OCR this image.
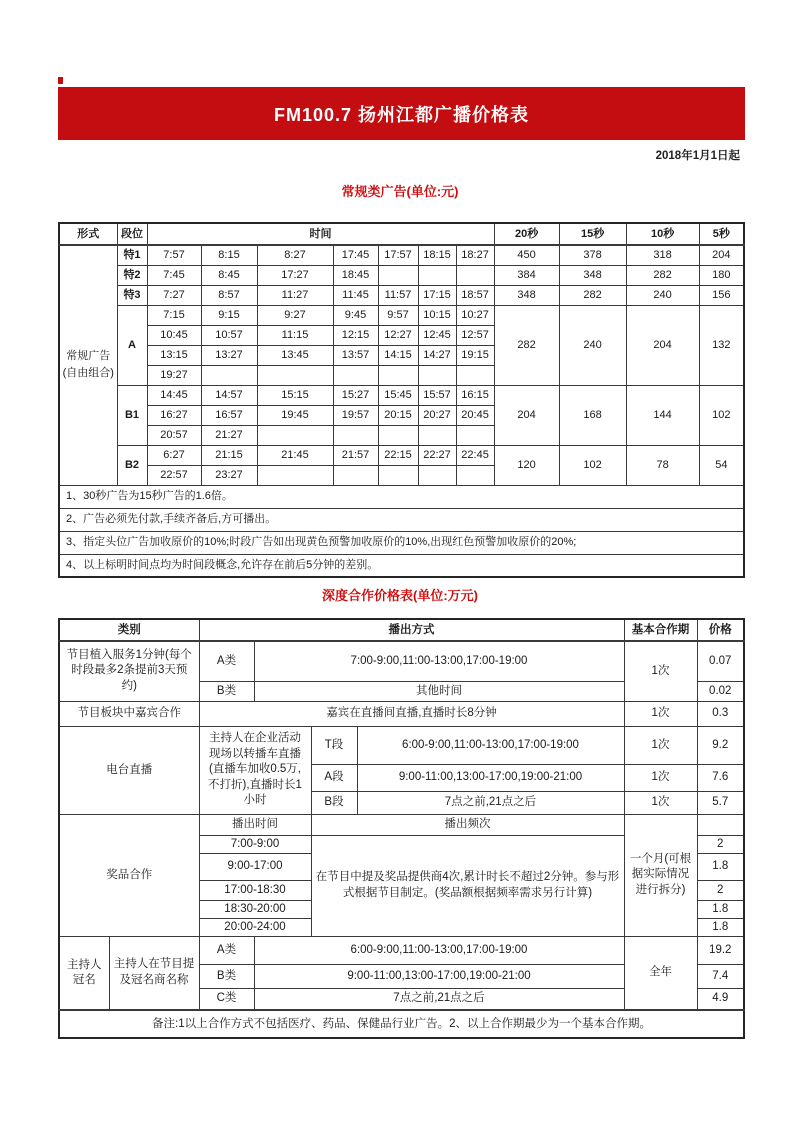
FM100.7 扬州江都广播价格表
2018年1月1日起
常规类广告(单位:元)
形式	段位	时间							20秒	15秒	10秒	5秒
常规广告(自由组合)	特1	7:57	8:15	8:27	17:45	17:57	18:15	18:27	450	378	318	204
	特2	7:45	8:45	17:27	18:45				384	348	282	180
	特3	7:27	8:57	11:27	11:45	11:57	17:15	18:57	348	282	240	156
	A	7:15	9:15	9:27	9:45	9:57	10:15	10:27	282	240	204	132
		10:45	10:57	11:15	12:15	12:27	12:45	12:57				
		13:15	13:27	13:45	13:57	14:15	14:27	19:15				
		19:27										
	B1	14:45	14:57	15:15	15:27	15:45	15:57	16:15	204	168	144	102
		16:27	16:57	19:45	19:57	20:15	20:27	20:45				
		20:57	21:27									
	B2	6:27	21:15	21:45	21:57	22:15	22:27	22:45	120	102	78	54
		22:57	23:27									
1、30秒广告为15秒广告的1.6倍。												
2、广告必须先付款,手续齐备后,方可播出。												
3、指定头位广告加收原价的10%;时段广告如出现黄色预警加收原价的10%,出现红色预警加收原价的20%;												
4、以上标明时间点均为时间段概念,允许存在前后5分钟的差别。												
深度合作价格表(单位:万元)
类别		播出方式				基本合作期	价格
节目植入服务1分钟(每个时段最多2条提前3天预约)		A类	7:00-9:00,11:00-13:00,17:00-19:00			1次	0.07
		B类	其他时间				0.02
节目板块中嘉宾合作		嘉宾在直播间直播,直播时长8分钟				1次	0.3
电台直播		主持人在企业活动现场以转播车直播(直播车加收0.5万,不打折),直播时长1小时		T段	6:00-9:00,11:00-13:00,17:00-19:00	1次	9.2
				A段	9:00-11:00,13:00-17:00,19:00-21:00	1次	7.6
				B段	7点之前,21点之后	1次	5.7
奖品合作		播出时间		播出频次		一个月(可根据实际情况进行拆分)	
		7:00-9:00		在节目中提及奖品提供商4次,累计时长不超过2分钟。参与形式根据节目制定。(奖品额根据频率需求另行计算)			2
		9:00-17:00					1.8
		17:00-18:30					2
		18:30-20:00					1.8
		20:00-24:00					1.8
主持人冠名	主持人在节目提及冠名商名称	A类	6:00-9:00,11:00-13:00,17:00-19:00			全年	19.2
		B类	9:00-11:00,13:00-17:00,19:00-21:00				7.4
		C类	7点之前,21点之后				4.9
备注:1以上合作方式不包括医疗、药品、保健品行业广告。2、以上合作期最少为一个基本合作期。							
